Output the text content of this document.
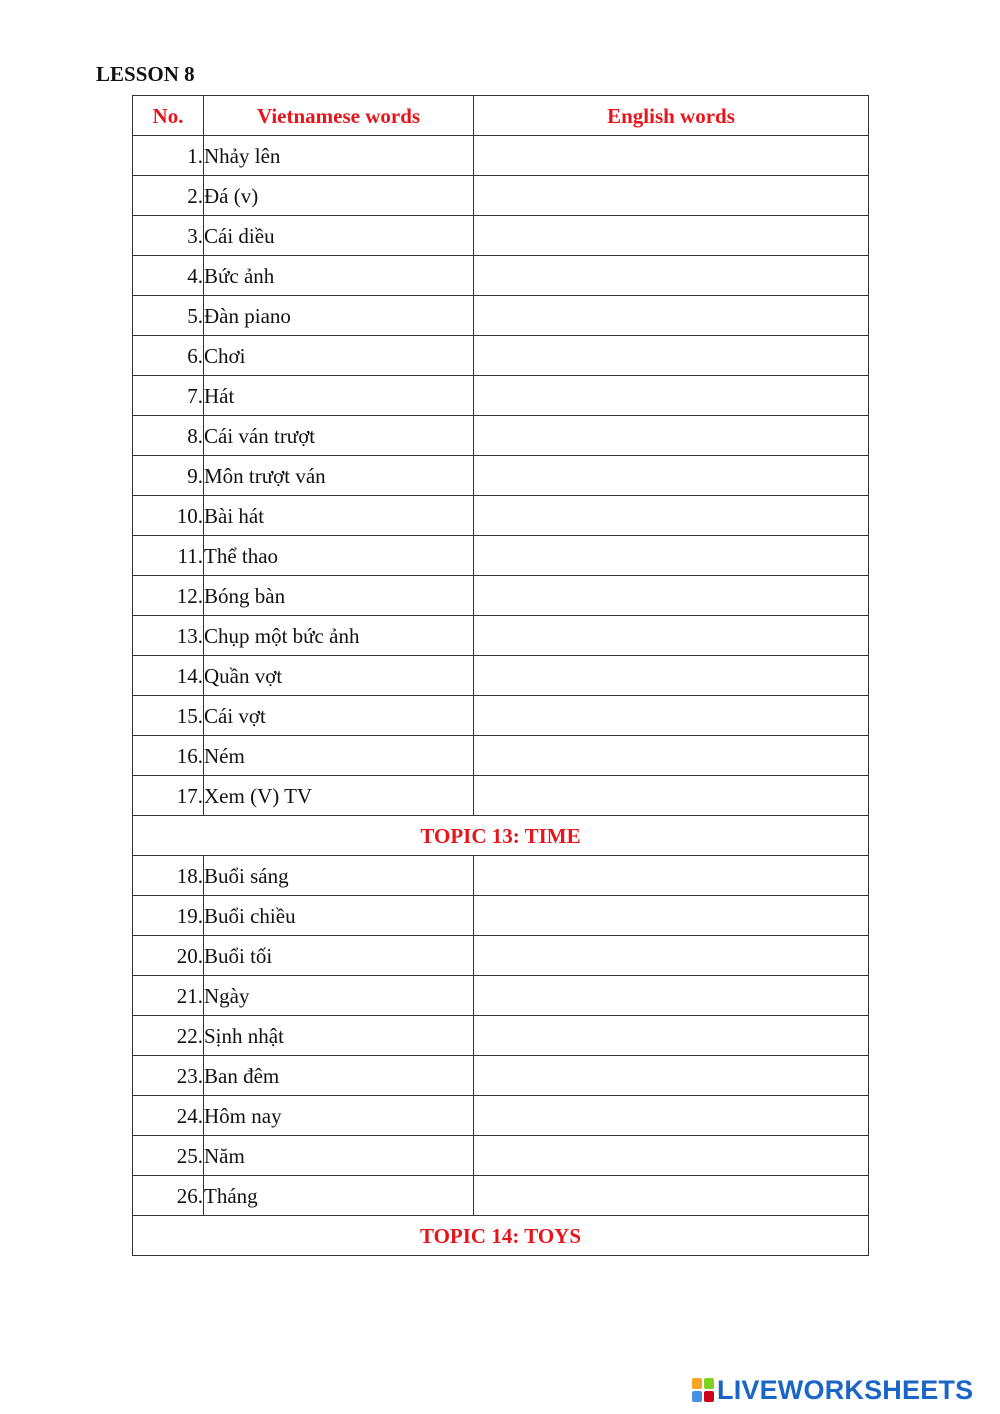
LESSON 8
No.	Vietnamese words	English words
1.	Nhảy lên	
2.	Đá (v)	
3.	Cái diều	
4.	Bức ảnh	
5.	Đàn piano	
6.	Chơi	
7.	Hát	
8.	Cái ván trượt	
9.	Môn trượt ván	
10.	Bài hát	
11.	Thể thao	
12.	Bóng bàn	
13.	Chụp một bức ảnh	
14.	Quần vợt	
15.	Cái vợt	
16.	Ném	
17.	Xem (V) TV	
TOPIC 13: TIME		
18.	Buổi sáng	
19.	Buổi chiều	
20.	Buổi tối	
21.	Ngày	
22.	Sịnh nhật	
23.	Ban đêm	
24.	Hôm nay	
25.	Năm	
26.	Tháng	
TOPIC 14: TOYS		
LIVEWORKSHEETS
